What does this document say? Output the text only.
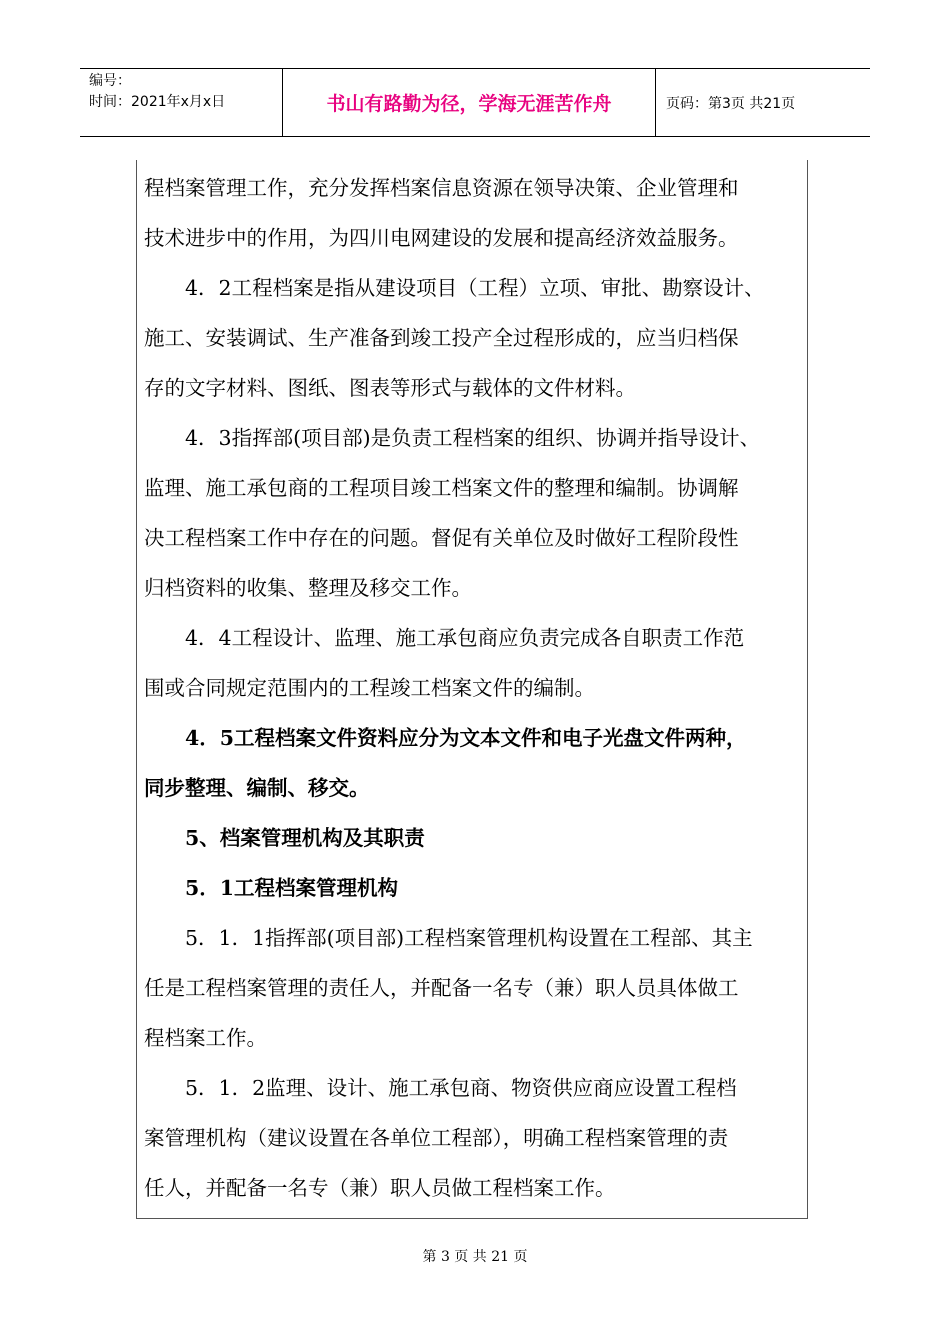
编号：
时间：2021年x月x日	书山有路勤为径，学海无涯苦作舟	页码：第3页 共21页

程档案管理工作，充分发挥档案信息资源在领导决策、企业管理和

技术进步中的作用，为四川电网建设的发展和提高经济效益服务。

　　4．2工程档案是指从建设项目（工程）立项、审批、勘察设计、

施工、安装调试、生产准备到竣工投产全过程形成的，应当归档保

存的文字材料、图纸、图表等形式与载体的文件材料。

　　4．3指挥部(项目部)是负责工程档案的组织、协调并指导设计、

监理、施工承包商的工程项目竣工档案文件的整理和编制。协调解

决工程档案工作中存在的问题。督促有关单位及时做好工程阶段性

归档资料的收集、整理及移交工作。

　　4．4工程设计、监理、施工承包商应负责完成各自职责工作范

围或合同规定范围内的工程竣工档案文件的编制。

　　4．5工程档案文件资料应分为文本文件和电子光盘文件两种，

同步整理、编制、移交。

　　5、档案管理机构及其职责

　　5．1工程档案管理机构

　　5．1．1指挥部(项目部)工程档案管理机构设置在工程部、其主

任是工程档案管理的责任人，并配备一名专（兼）职人员具体做工

程档案工作。

　　5．1．2监理、设计、施工承包商、物资供应商应设置工程档

案管理机构（建议设置在各单位工程部），明确工程档案管理的责

任人，并配备一名专（兼）职人员做工程档案工作。

第 3 页 共 21 页
